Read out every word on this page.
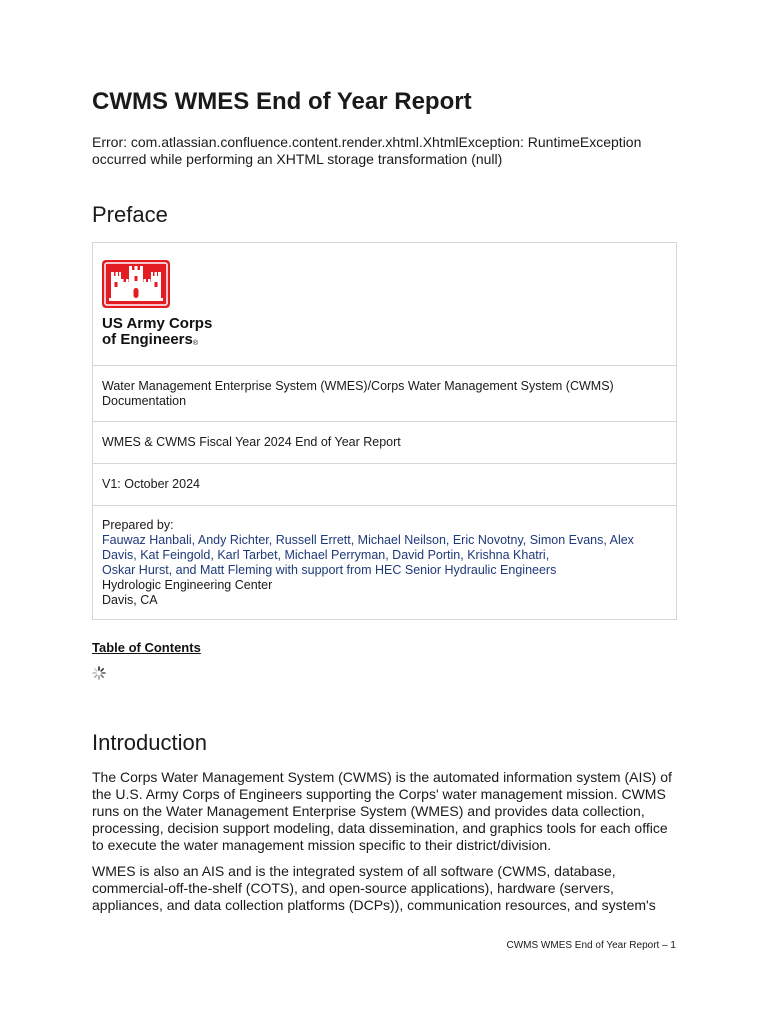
CWMS WMES End of Year Report

Error: com.atlassian.confluence.content.render.xhtml.XhtmlException: RuntimeException occurred while performing an XHTML storage transformation (null)

Preface
US Army Corps
of Engineers®

Water Management Enterprise System (WMES)/Corps Water Management System (CWMS) Documentation
WMES & CWMS Fiscal Year 2024 End of Year Report
V1: October 2024

Prepared by:
Fauwaz Hanbali, Andy Richter, Russell Errett, Michael Neilson, Eric Novotny, Simon Evans, Alex Davis, Kat Feingold, Karl Tarbet, Michael Perryman, David Portin, Krishna Khatri,
Oskar Hurst, and Matt Fleming with support from HEC Senior Hydraulic Engineers
Hydrologic Engineering Center
Davis, CA
Table of Contents
Introduction

The Corps Water Management System (CWMS) is the automated information system (AIS) of the U.S. Army Corps of Engineers supporting the Corps' water management mission. CWMS runs on the Water Management Enterprise System (WMES) and provides data collection, processing, decision support modeling, data dissemination, and graphics tools for each office to execute the water management mission specific to their district/division.

WMES is also an AIS and is the integrated system of all software (CWMS, database, commercial-off-the-shelf (COTS), and open-source applications), hardware (servers, appliances, and data collection platforms (DCPs)), communication resources, and system's

CWMS WMES End of Year Report – 1
